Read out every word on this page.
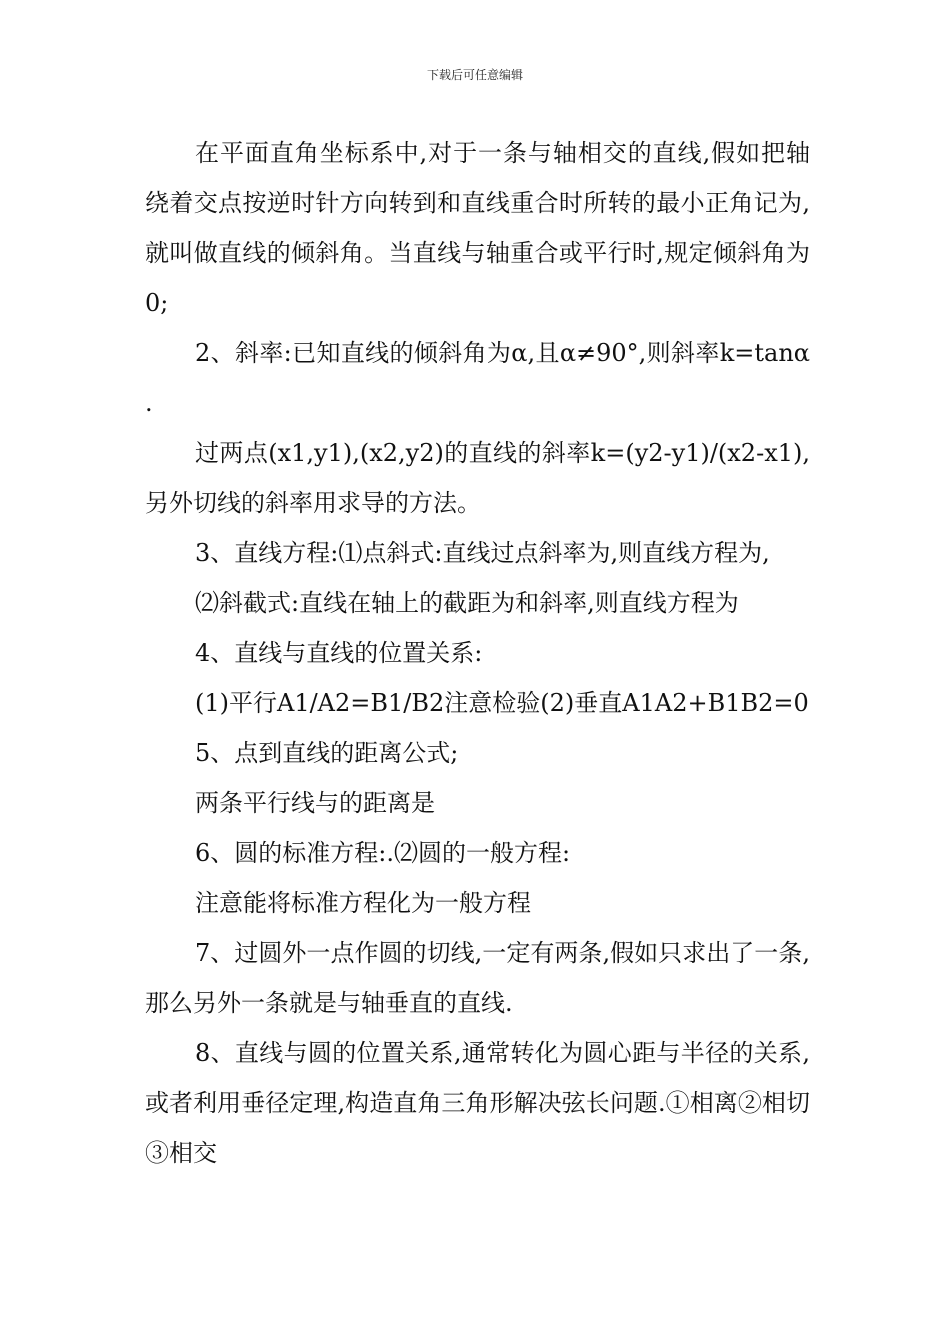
下载后可任意编辑

在平面直角坐标系中,对于一条与轴相交的直线,假如把轴绕着交点按逆时针方向转到和直线重合时所转的最小正角记为,就叫做直线的倾斜角。当直线与轴重合或平行时,规定倾斜角为0;

2、斜率:已知直线的倾斜角为α,且α≠90°,则斜率k=tanα.

过两点(x1,y1),(x2,y2)的直线的斜率k=(y2-y1)/(x2-x1),另外切线的斜率用求导的方法。

3、直线方程:⑴点斜式:直线过点斜率为,则直线方程为,

⑵斜截式:直线在轴上的截距为和斜率,则直线方程为

4、直线与直线的位置关系:

(1)平行A1/A2=B1/B2注意检验(2)垂直A1A2+B1B2=0

5、点到直线的距离公式;

两条平行线与的距离是

6、圆的标准方程:.⑵圆的一般方程:

注意能将标准方程化为一般方程

7、过圆外一点作圆的切线,一定有两条,假如只求出了一条,那么另外一条就是与轴垂直的直线.

8、直线与圆的位置关系,通常转化为圆心距与半径的关系,或者利用垂径定理,构造直角三角形解决弦长问题.①相离②相切③相交
